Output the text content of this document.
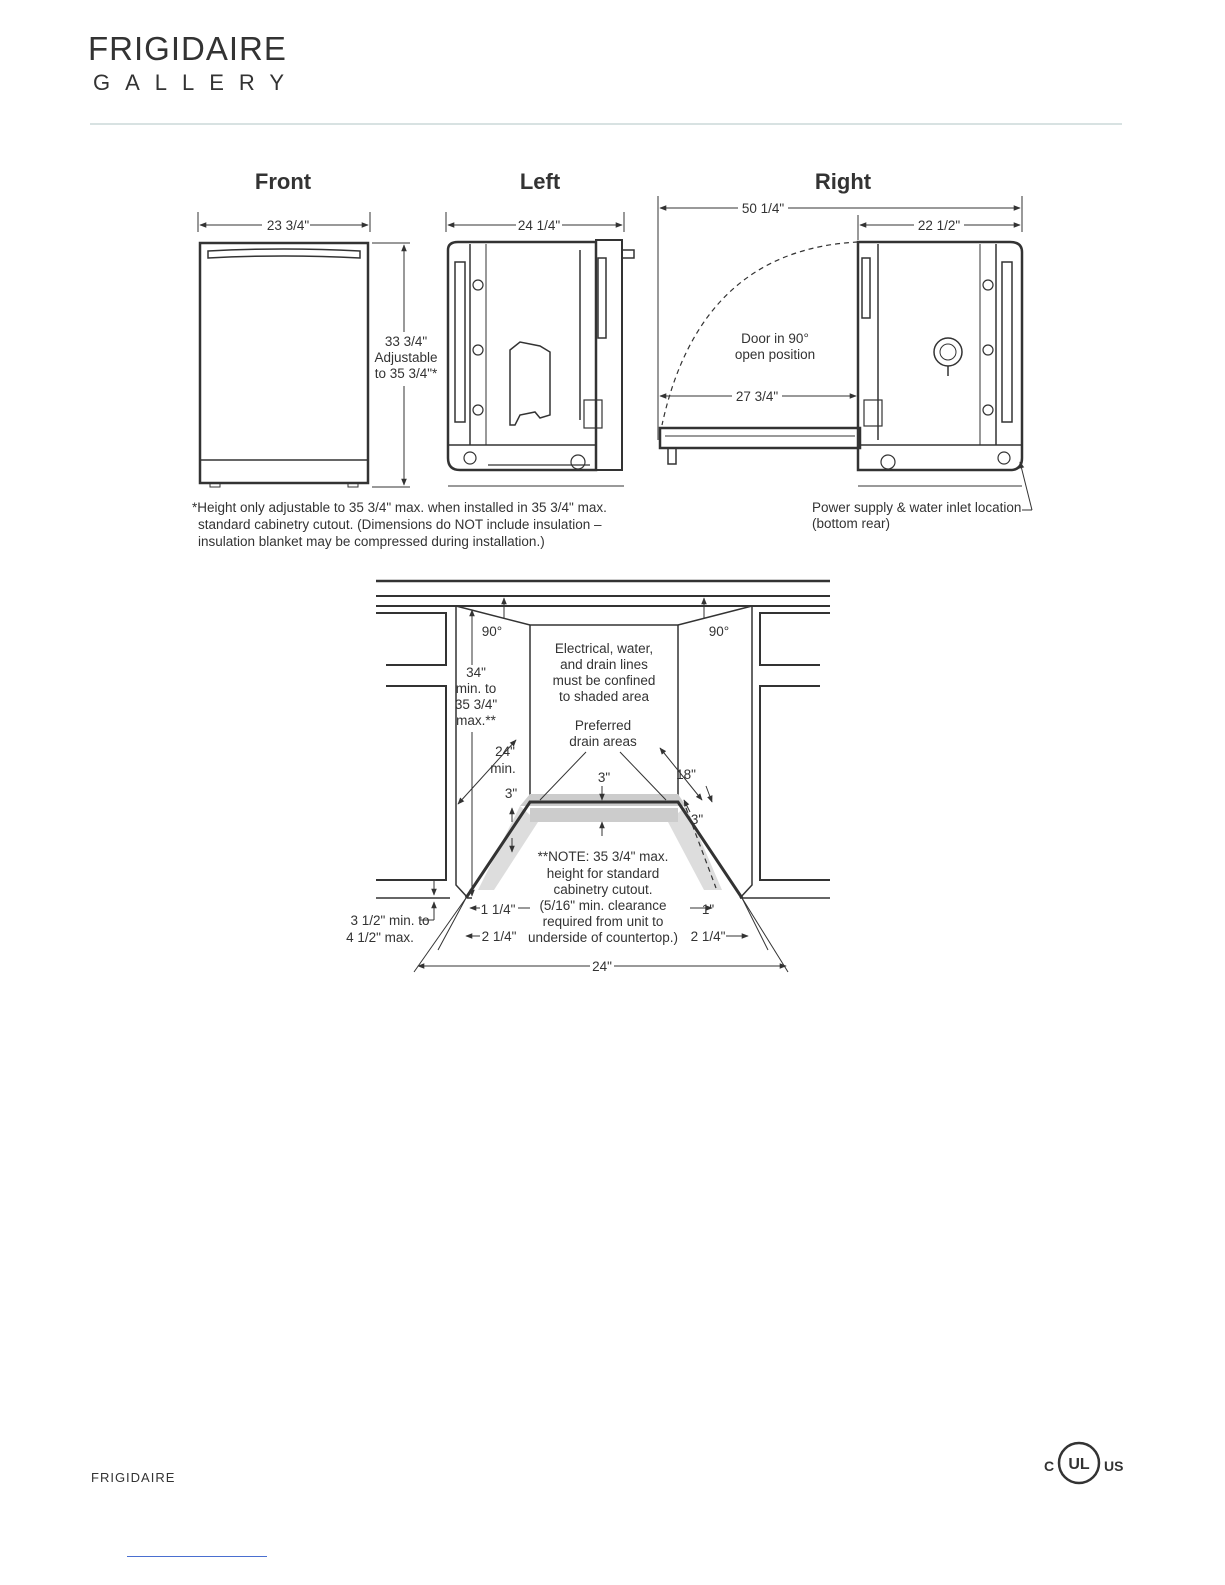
FRIGIDAIRE
GALLERY
Front	Left	Right
23 3/4"
33 3/4"
Adjustable
to 35 3/4"*
24 1/4"
50 1/4"
22 1/2"
Door in 90°
open position
27 3/4"
Power supply & water inlet location
(bottom rear)
*Height only adjustable to 35 3/4" max. when installed in 35 3/4" max.
standard cabinetry cutout. (Dimensions do NOT include insulation –
insulation blanket may be compressed during installation.)
90°	90°
34"
min. to
35 3/4"
max.**
Electrical, water,
and drain lines
must be confined
to shaded area
Preferred
drain areas
24"
min.
3"
3"	18"
3"
**NOTE: 35 3/4" max.
height for standard
cabinetry cutout.
(5/16" min. clearance
required from unit to
underside of countertop.)
3 1/2" min. to
4 1/2" max.
1 1/4"
2 1/4"
1"
2 1/4"
24"
FRIGIDAIRE
C UL US
